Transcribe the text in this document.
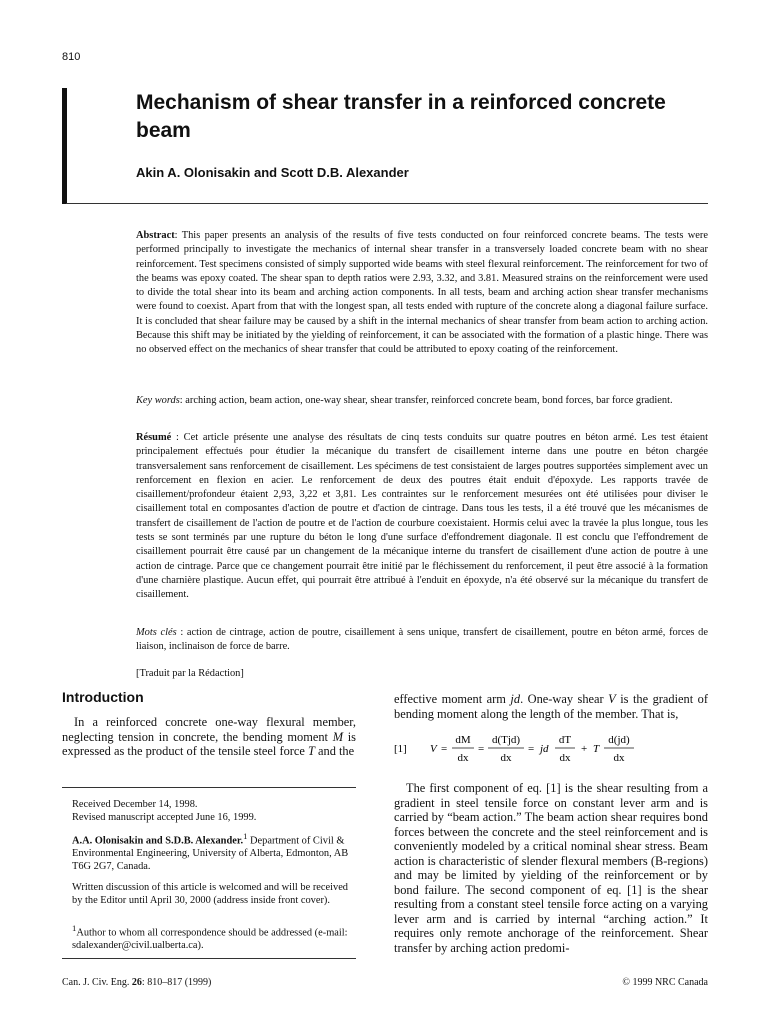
810
Mechanism of shear transfer in a reinforced concrete beam
Akin A. Olonisakin and Scott D.B. Alexander

Abstract: This paper presents an analysis of the results of five tests conducted on four reinforced concrete beams. The tests were performed principally to investigate the mechanics of internal shear transfer in a transversely loaded concrete beam with no shear reinforcement. Test specimens consisted of simply supported wide beams with steel flexural reinforcement. The reinforcement for two of the beams was epoxy coated. The shear span to depth ratios were 2.93, 3.32, and 3.81. Measured strains on the reinforcement were used to divide the total shear into its beam and arching action components. In all tests, beam and arching action shear transfer mechanisms were found to coexist. Apart from that with the longest span, all tests ended with rupture of the concrete along a diagonal failure surface. It is concluded that shear failure may be caused by a shift in the internal mechanics of shear transfer from beam action to arching action. Because this shift may be initiated by the yielding of reinforcement, it can be associated with the formation of a plastic hinge. There was no observed effect on the mechanics of shear transfer that could be attributed to epoxy coating of the reinforcement.

Key words: arching action, beam action, one-way shear, shear transfer, reinforced concrete beam, bond forces, bar force gradient.

Résumé : Cet article présente une analyse des résultats de cinq tests conduits sur quatre poutres en béton armé. Les test étaient principalement effectués pour étudier la mécanique du transfert de cisaillement interne dans une poutre en béton chargée transversalement sans renforcement de cisaillement. Les spécimens de test consistaient de larges poutres supportées simplement avec un renforcement en flexion en acier. Le renforcement de deux des poutres était enduit d'époxyde. Les rapports travée de cisaillement/profondeur étaient 2,93, 3,22 et 3,81. Les contraintes sur le renforcement mesurées ont été utilisées pour diviser le cisaillement total en composantes d'action de poutre et d'action de cintrage. Dans tous les tests, il a été trouvé que les mécanismes de transfert de cisaillement de l'action de poutre et de l'action de courbure coexistaient. Hormis celui avec la travée la plus longue, tous les tests se sont terminés par une rupture du béton le long d'une surface d'effondrement diagonale. Il est conclu que l'effondrement de cisaillement pourrait être causé par un changement de la mécanique interne du transfert de cisaillement d'une action de poutre à une action de cintrage. Parce que ce changement pourrait être initié par le fléchissement du renforcement, il peut être associé à la formation d'une charnière plastique. Aucun effet, qui pourrait être attribué à l'enduit en époxyde, n'a été observé sur la mécanique du transfert de cisaillement.

Mots clés : action de cintrage, action de poutre, cisaillement à sens unique, transfert de cisaillement, poutre en béton armé, forces de liaison, inclinaison de force de barre.

[Traduit par la Rédaction]

Introduction

In a reinforced concrete one-way flexural member, neglecting tension in concrete, the bending moment M is expressed as the product of the tensile steel force T and the

Received December 14, 1998.
Revised manuscript accepted June 16, 1999.

A.A. Olonisakin and S.D.B. Alexander.$^1$ Department of Civil & Environmental Engineering, University of Alberta, Edmonton, AB T6G 2G7, Canada.

Written discussion of this article is welcomed and will be received by the Editor until April 30, 2000 (address inside front cover).

$^1$Author to whom all correspondence should be addressed (e-mail: sdalexander@civil.ualberta.ca).

effective moment arm jd. One-way shear V is the gradient of bending moment along the length of the member. That is,

[1] V =
dM
dx
=
d(Tjd)
dx
= jd
dT
dx
+ T
d(jd)
dx

The first component of eq. [1] is the shear resulting from a gradient in steel tensile force on constant lever arm and is carried by “beam action.” The beam action shear requires bond forces between the concrete and the steel reinforcement and is conveniently modeled by a critical nominal shear stress. Beam action is characteristic of slender flexural members (B-regions) and may be limited by yielding of the reinforcement or by bond failure. The second component of eq. [1] is the shear resulting from a constant steel tensile force acting on a varying lever arm and is carried by internal “arching action.” It requires only remote anchorage of the reinforcement. Shear transfer by arching action predomi-

Can. J. Civ. Eng. 26: 810–817 (1999)	© 1999 NRC Canada
